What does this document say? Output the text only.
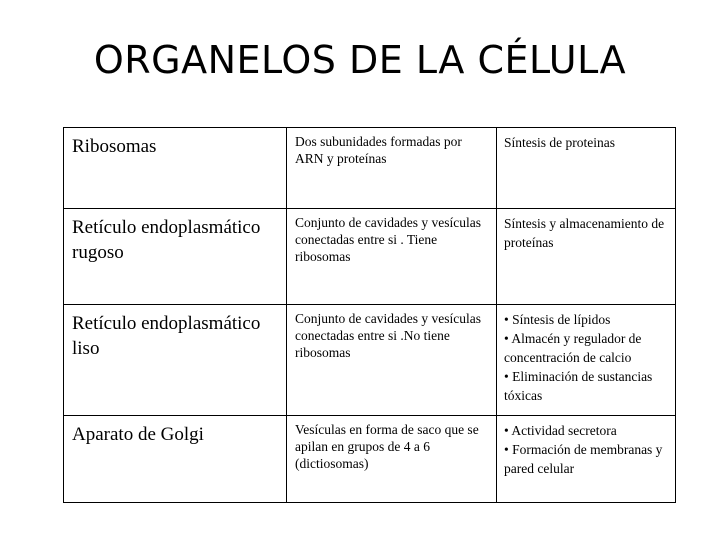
ORGANELOS DE LA CÉLULA
Ribosomas	Dos subunidades formadas por ARN y proteínas	Síntesis de proteinas

Retículo endoplasmático rugoso	Conjunto de cavidades y vesículas conectadas entre si . Tiene ribosomas	Síntesis y almacenamiento de proteínas

Retículo endoplasmático liso	Conjunto de cavidades y vesículas conectadas entre si .No tiene ribosomas	• Síntesis de lípidos
• Almacén y regulador de concentración de calcio
• Eliminación de sustancias tóxicas

Aparato de Golgi	Vesículas en forma de saco que se apilan en grupos de 4 a 6 (dictiosomas)	• Actividad secretora
• Formación de membranas y pared celular
